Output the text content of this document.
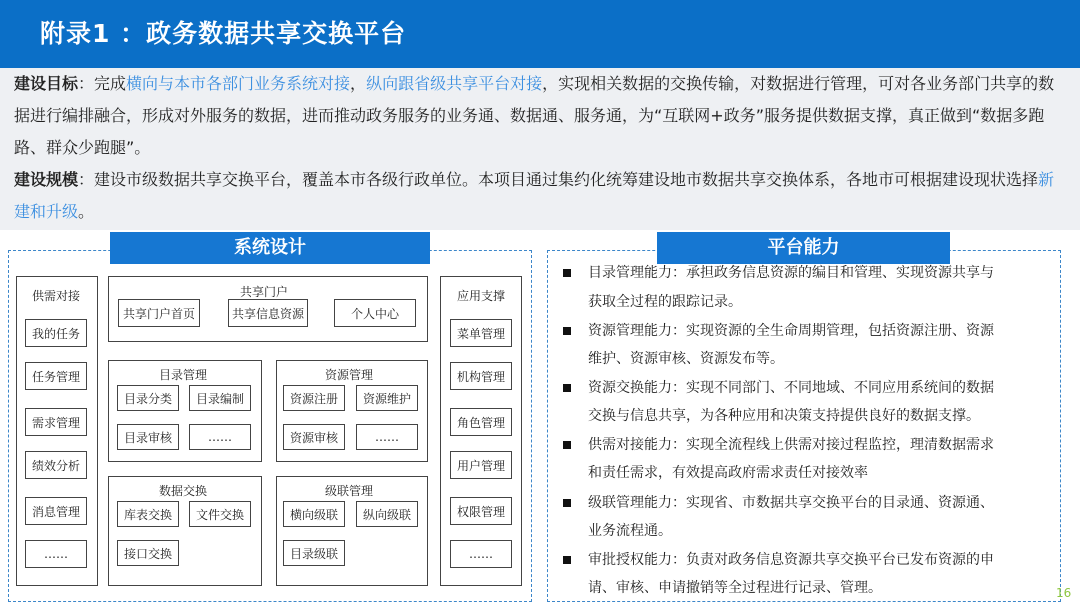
附录1 ：政务数据共享交换平台

建设目标：完成横向与本市各部门业务系统对接，纵向跟省级共享平台对接，实现相关数据的交换传输，对数据进行管理，可对各业务部门共享的数据进行编排融合，形成对外服务的数据，进而推动政务服务的业务通、数据通、服务通，为“互联网+政务”服务提供数据支撑，真正做到“数据多跑路、群众少跑腿”。

建设规模：建设市级数据共享交换平台，覆盖本市各级行政单位。本项目通过集约化统筹建设地市数据共享交换体系，各地市可根据建设现状选择新建和升级。

系统设计
供需对接
我的任务
任务管理
需求管理
绩效分析
消息管理
……
共享门户
共享门户首页	共享信息资源	个人中心
目录管理
目录分类	目录编制
目录审核	……
资源管理
资源注册	资源维护
资源审核	……
数据交换
库表交换	文件交换
接口交换
级联管理
横向级联	纵向级联
目录级联
应用支撑
菜单管理
机构管理
角色管理
用户管理
权限管理
……
平台能力
目录管理能力：承担政务信息资源的编目和管理、实现资源共享与
获取全过程的跟踪记录。
资源管理能力：实现资源的全生命周期管理，包括资源注册、资源
维护、资源审核、资源发布等。
资源交换能力：实现不同部门、不同地域、不同应用系统间的数据
交换与信息共享，为各种应用和决策支持提供良好的数据支撑。
供需对接能力：实现全流程线上供需对接过程监控，理清数据需求
和责任需求，有效提高政府需求责任对接效率
级联管理能力：实现省、市数据共享交换平台的目录通、资源通、
业务流程通。
审批授权能力：负责对政务信息资源共享交换平台已发布资源的申
请、审核、申请撤销等全过程进行记录、管理。	16
